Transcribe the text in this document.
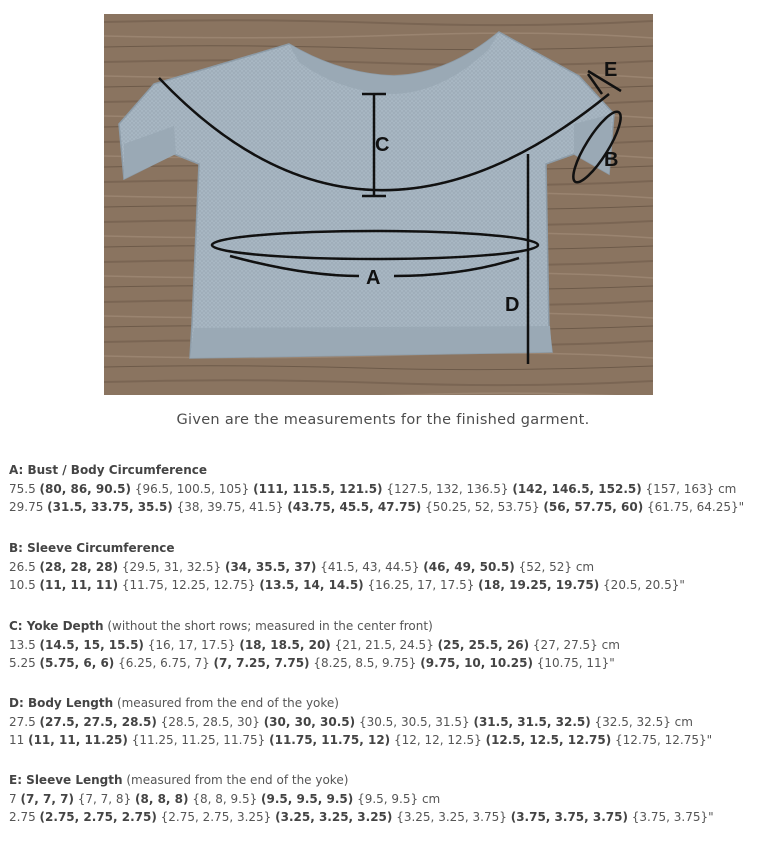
A
B
C
D
E
Given are the measurements for the finished garment.
A: Bust / Body Circumference
75.5 (80, 86, 90.5) {96.5, 100.5, 105} (111, 115.5, 121.5) {127.5, 132, 136.5} (142, 146.5, 152.5) {157, 163} cm
29.75 (31.5, 33.75, 35.5) {38, 39.75, 41.5} (43.75, 45.5, 47.75) {50.25, 52, 53.75} (56, 57.75, 60) {61.75, 64.25}"
B: Sleeve Circumference
26.5 (28, 28, 28) {29.5, 31, 32.5} (34, 35.5, 37) {41.5, 43, 44.5} (46, 49, 50.5) {52, 52} cm
10.5 (11, 11, 11) {11.75, 12.25, 12.75} (13.5, 14, 14.5) {16.25, 17, 17.5} (18, 19.25, 19.75) {20.5, 20.5}"
C: Yoke Depth (without the short rows; measured in the center front)
13.5 (14.5, 15, 15.5) {16, 17, 17.5} (18, 18.5, 20) {21, 21.5, 24.5} (25, 25.5, 26) {27, 27.5} cm
5.25 (5.75, 6, 6) {6.25, 6.75, 7} (7, 7.25, 7.75) {8.25, 8.5, 9.75} (9.75, 10, 10.25) {10.75, 11}"
D: Body Length (measured from the end of the yoke)
27.5 (27.5, 27.5, 28.5) {28.5, 28.5, 30} (30, 30, 30.5) {30.5, 30.5, 31.5} (31.5, 31.5, 32.5) {32.5, 32.5} cm
11 (11, 11, 11.25) {11.25, 11.25, 11.75} (11.75, 11.75, 12) {12, 12, 12.5} (12.5, 12.5, 12.75) {12.75, 12.75}"
E: Sleeve Length (measured from the end of the yoke)
7 (7, 7, 7) {7, 7, 8} (8, 8, 8) {8, 8, 9.5} (9.5, 9.5, 9.5) {9.5, 9.5} cm
2.75 (2.75, 2.75, 2.75) {2.75, 2.75, 3.25} (3.25, 3.25, 3.25) {3.25, 3.25, 3.75} (3.75, 3.75, 3.75) {3.75, 3.75}"
